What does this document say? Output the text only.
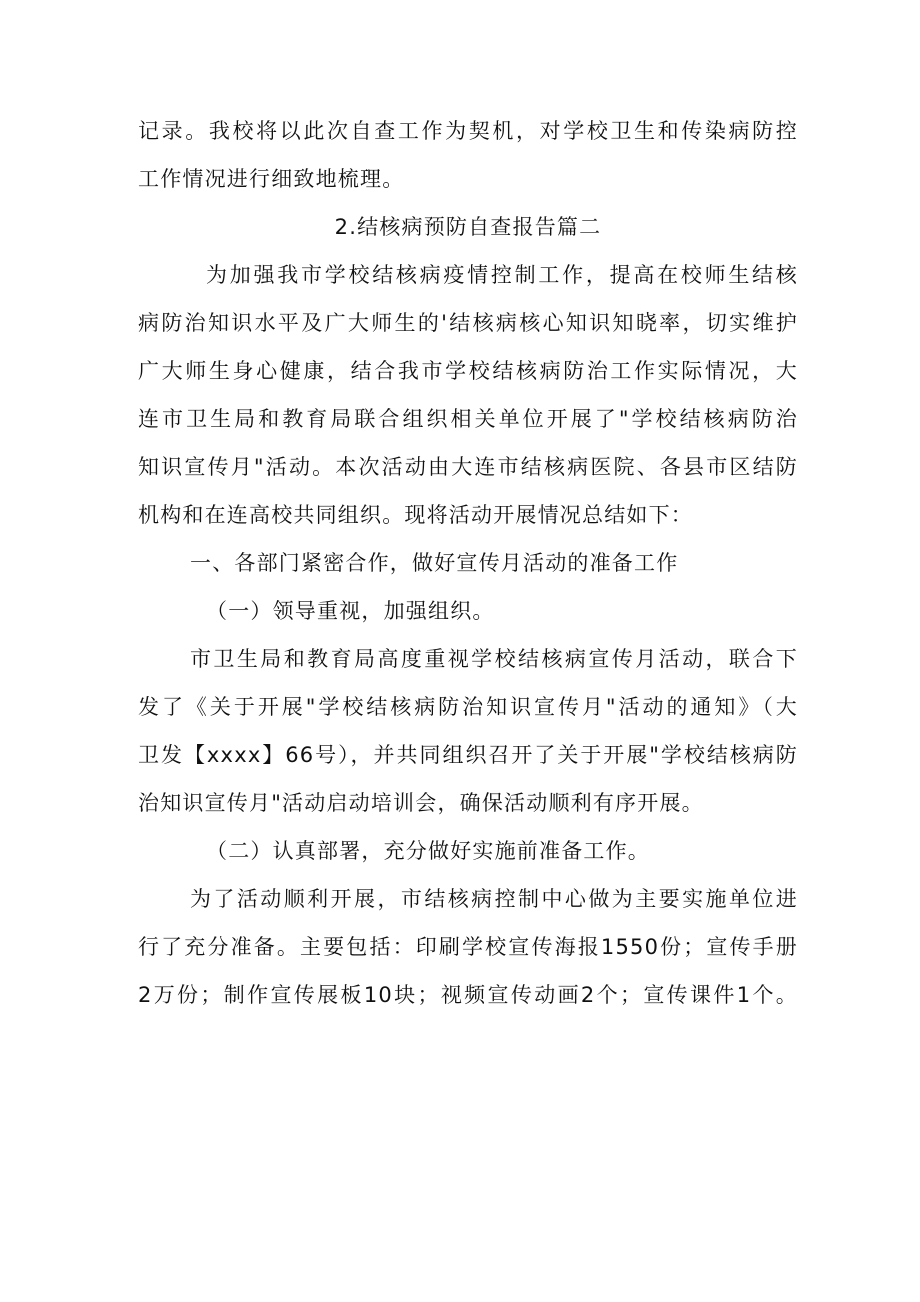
记录。我校将以此次自查工作为契机，对学校卫生和传染病防控
工作情况进行细致地梳理。
2.结核病预防自查报告篇二
为加强我市学校结核病疫情控制工作，提高在校师生结核
病防治知识水平及广大师生的'结核病核心知识知晓率，切实维护
广大师生身心健康，结合我市学校结核病防治工作实际情况，大
连市卫生局和教育局联合组织相关单位开展了"学校结核病防治
知识宣传月"活动。本次活动由大连市结核病医院、各县市区结防
机构和在连高校共同组织。现将活动开展情况总结如下：
一、各部门紧密合作，做好宣传月活动的准备工作
（一）领导重视，加强组织。
市卫生局和教育局高度重视学校结核病宣传月活动，联合下
发了《关于开展"学校结核病防治知识宣传月"活动的通知》（大
卫发【xxxx】66号），并共同组织召开了关于开展"学校结核病防
治知识宣传月"活动启动培训会，确保活动顺利有序开展。
（二）认真部署，充分做好实施前准备工作。
为了活动顺利开展，市结核病控制中心做为主要实施单位进
行了充分准备。主要包括：印刷学校宣传海报1550份；宣传手册
2万份；制作宣传展板10块；视频宣传动画2个；宣传课件1个。
